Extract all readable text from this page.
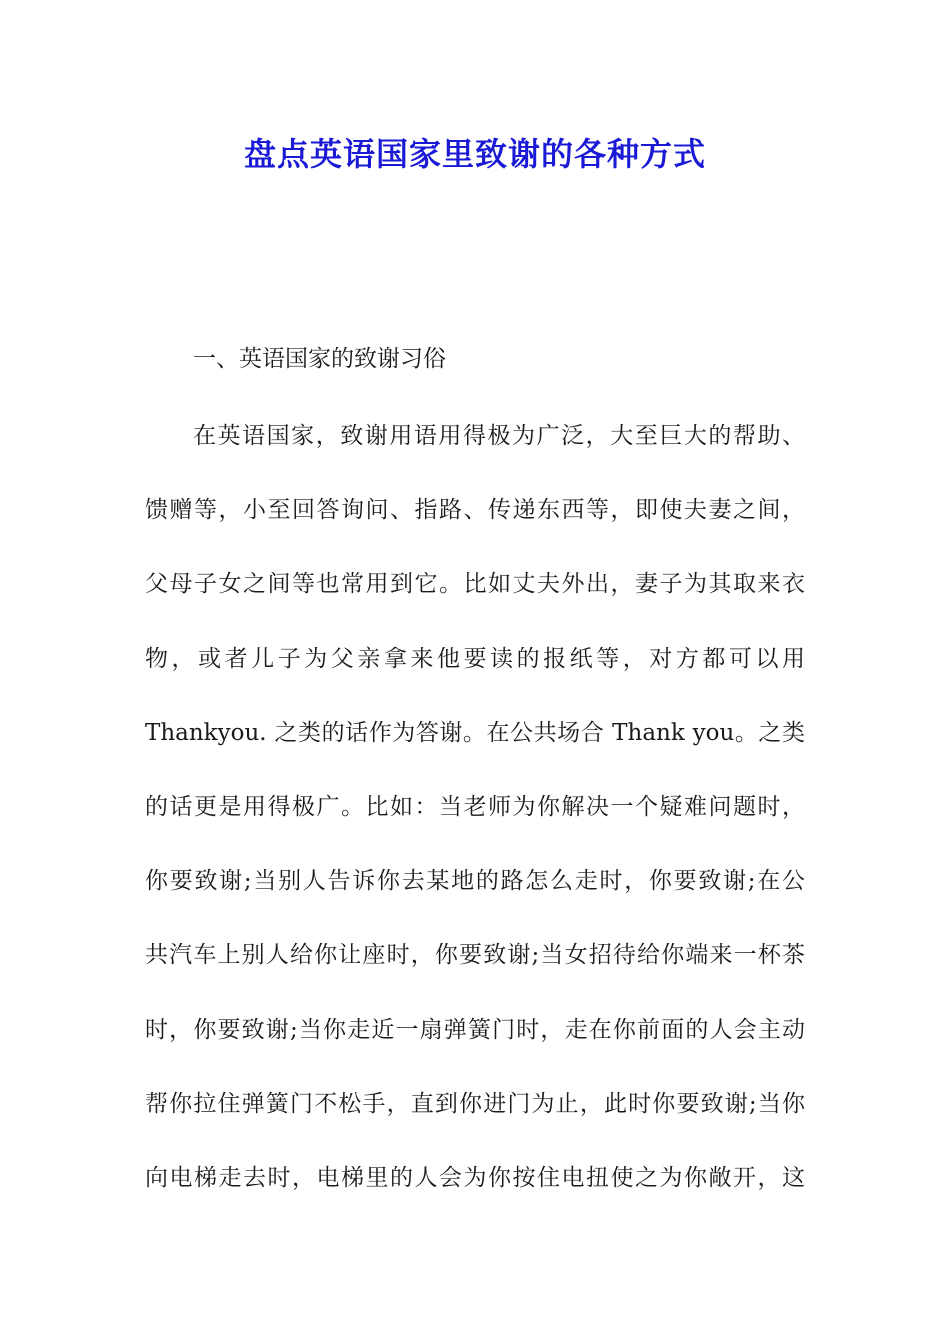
盘点英语国家里致谢的各种方式
一、英语国家的致谢习俗
在英语国家，致谢用语用得极为广泛，大至巨大的帮助、
馈赠等，小至回答询问、指路、传递东西等，即使夫妻之间，
父母子女之间等也常用到它。比如丈夫外出，妻子为其取来衣
物，或者儿子为父亲拿来他要读的报纸等，对方都可以用
Thankyou. 之类的话作为答谢。在公共场合 Thank you。之类
的话更是用得极广。比如：当老师为你解决一个疑难问题时，
你要致谢;当别人告诉你去某地的路怎么走时，你要致谢;在公
共汽车上别人给你让座时，你要致谢;当女招待给你端来一杯茶
时，你要致谢;当你走近一扇弹簧门时，走在你前面的人会主动
帮你拉住弹簧门不松手，直到你进门为止，此时你要致谢;当你
向电梯走去时，电梯里的人会为你按住电扭使之为你敞开，这
